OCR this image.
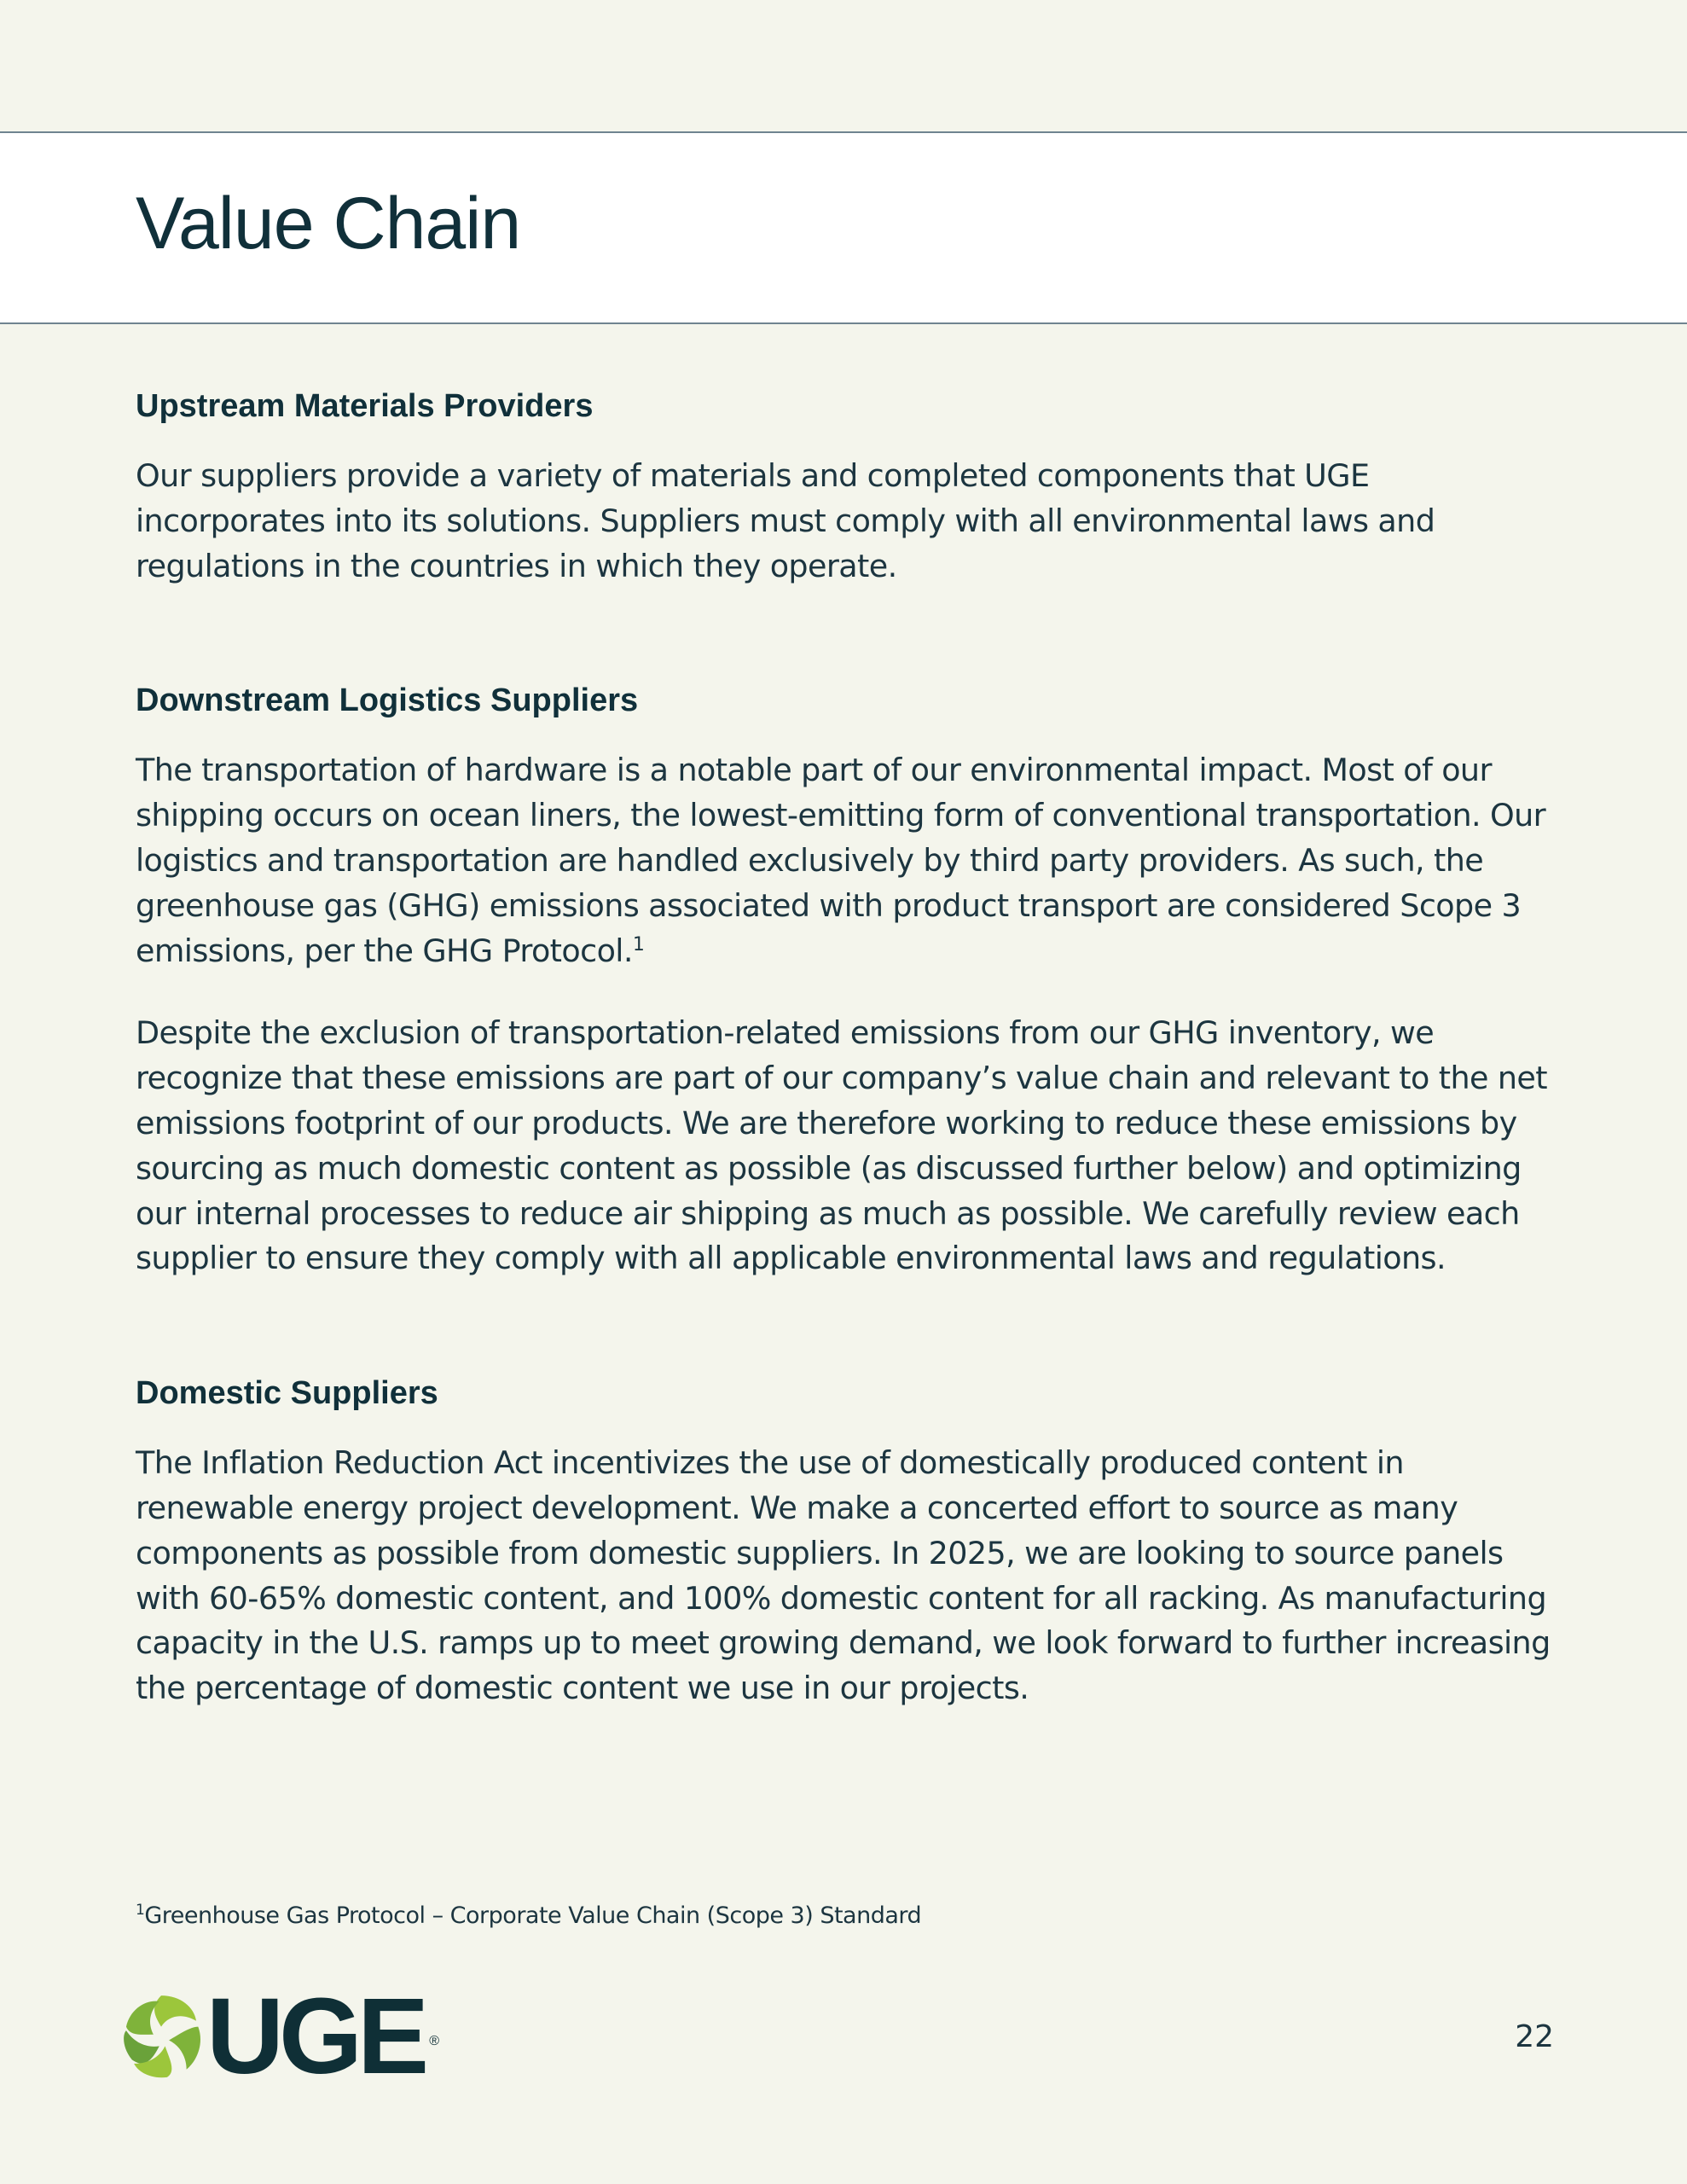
Value Chain
Upstream Materials Providers

Our suppliers provide a variety of materials and completed components that UGE incorporates into its solutions. Suppliers must comply with all environmental laws and regulations in the countries in which they operate.

Downstream Logistics Suppliers

The transportation of hardware is a notable part of our environmental impact. Most of our shipping occurs on ocean liners, the lowest-emitting form of conventional transportation. Our logistics and transportation are handled exclusively by third party providers. As such, the greenhouse gas (GHG) emissions associated with product transport are considered Scope 3 emissions, per the GHG Protocol.$^1$

Despite the exclusion of transportation-related emissions from our GHG inventory, we recognize that these emissions are part of our company’s value chain and relevant to the net emissions footprint of our products. We are therefore working to reduce these emissions by sourcing as much domestic content as possible (as discussed further below) and optimizing our internal processes to reduce air shipping as much as possible. We carefully review each supplier to ensure they comply with all applicable environmental laws and regulations.

Domestic Suppliers

The Inflation Reduction Act incentivizes the use of domestically produced content in renewable energy project development. We make a concerted effort to source as many components as possible from domestic suppliers. In 2025, we are looking to source panels with 60-65% domestic content, and 100% domestic content for all racking. As manufacturing capacity in the U.S. ramps up to meet growing demand, we look forward to further increasing the percentage of domestic content we use in our projects.

$^1$Greenhouse Gas Protocol – Corporate Value Chain (Scope 3) Standard

UGE ®	22
